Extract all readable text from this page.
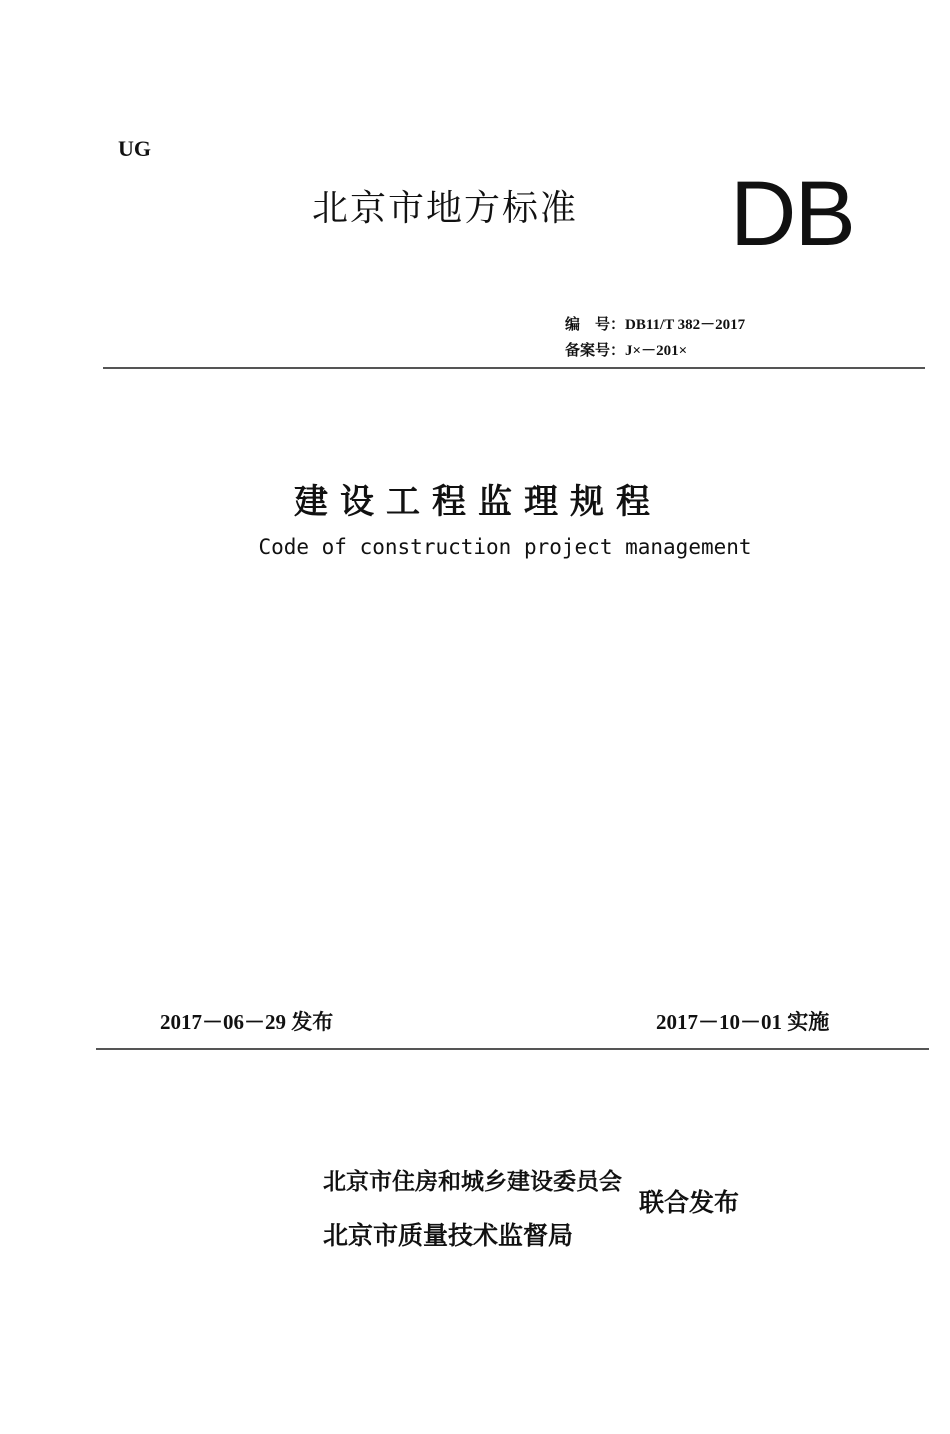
UG
北京市地方标准 DB
编　号：DB11/T 382－2017
备案号：J×－201×
建设工程监理规程
Code of construction project management
2017－06－29 发布	2017－10－01 实施
北京市住房和城乡建设委员会
北京市质量技术监督局
联合发布
